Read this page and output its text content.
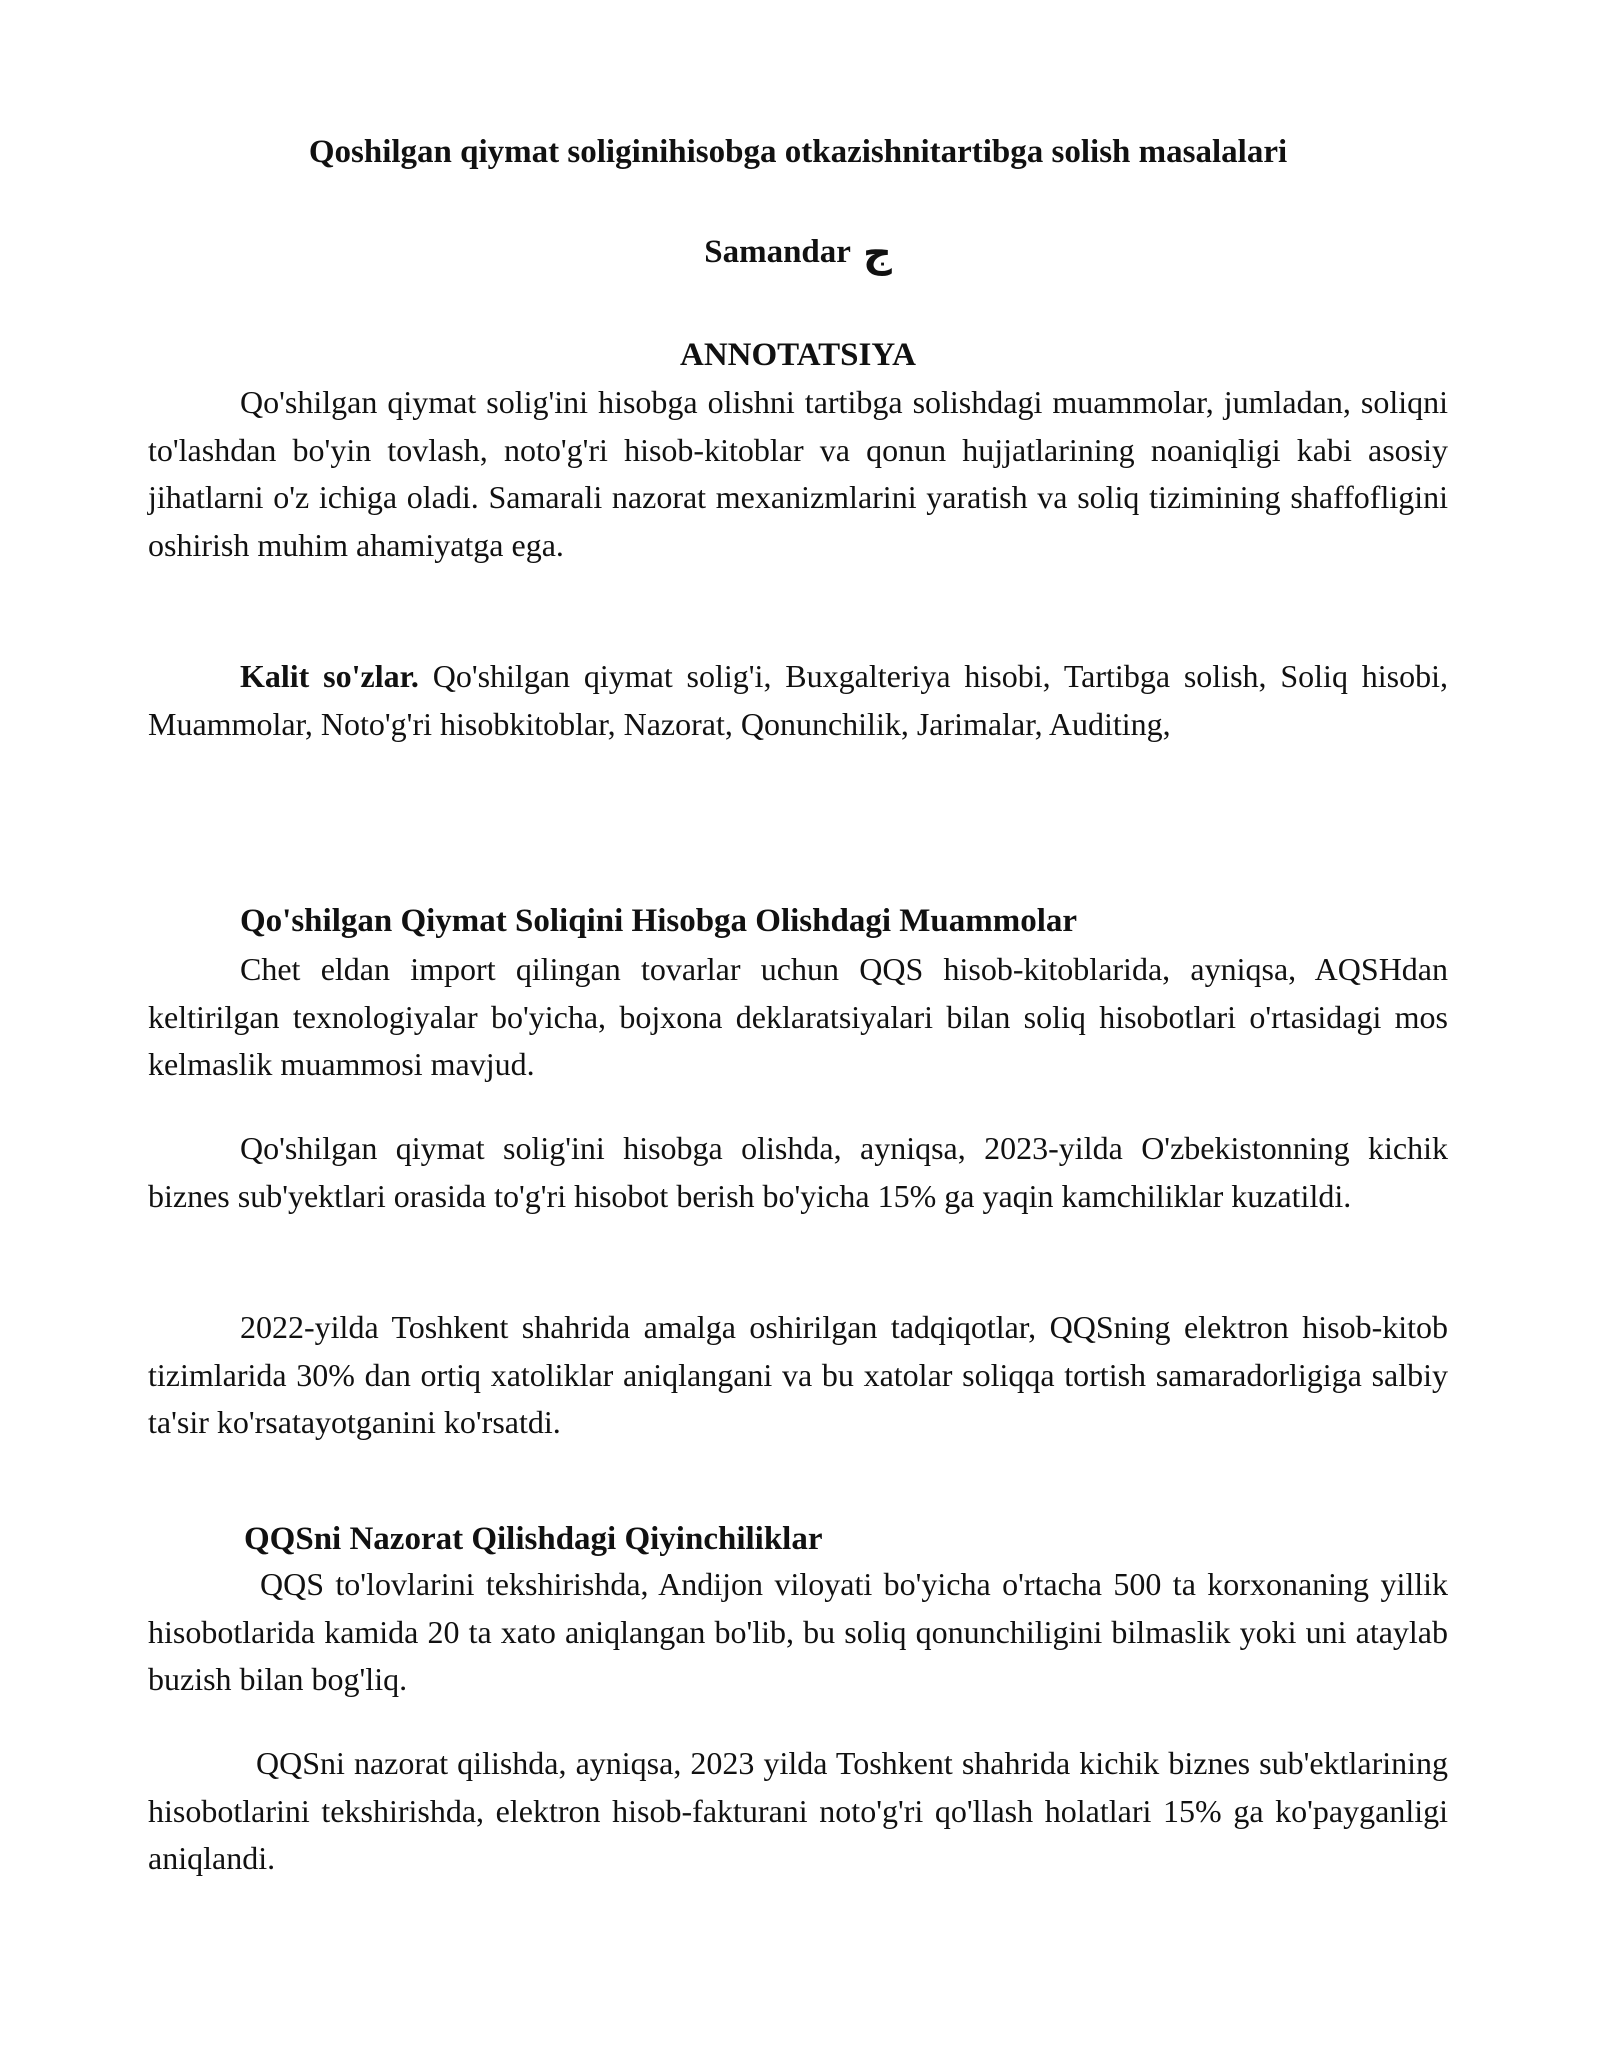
Qoshilgan qiymat soliginihisobga otkazishnitartibga solish masalalari
Samandar ج
ANNOTATSIYA

Qo'shilgan qiymat solig'ini hisobga olishni tartibga solishdagi muammolar, jumladan, soliqni to'lashdan bo'yin tovlash, noto'g'ri hisob-kitoblar va qonun hujjatlarining noaniqligi kabi asosiy jihatlarni o'z ichiga oladi. Samarali nazorat mexanizmlarini yaratish va soliq tizimining shaffofligini oshirish muhim ahamiyatga ega.

Kalit so'zlar. Qo'shilgan qiymat solig'i, Buxgalteriya hisobi, Tartibga solish, Soliq hisobi, Muammolar, Noto'g'ri hisobkitoblar, Nazorat, Qonunchilik, Jarimalar, Auditing,

Qo'shilgan Qiymat Soliqini Hisobga Olishdagi Muammolar

Chet eldan import qilingan tovarlar uchun QQS hisob-kitoblarida, ayniqsa, AQSHdan keltirilgan texnologiyalar bo'yicha, bojxona deklaratsiyalari bilan soliq hisobotlari o'rtasidagi mos kelmaslik muammosi mavjud.

Qo'shilgan qiymat solig'ini hisobga olishda, ayniqsa, 2023-yilda O'zbekistonning kichik biznes sub'yektlari orasida to'g'ri hisobot berish bo'yicha 15% ga yaqin kamchiliklar kuzatildi.

2022-yilda Toshkent shahrida amalga oshirilgan tadqiqotlar, QQSning elektron hisob-kitob tizimlarida 30% dan ortiq xatoliklar aniqlangani va bu xatolar soliqqa tortish samaradorligiga salbiy ta'sir ko'rsatayotganini ko'rsatdi.

QQSni Nazorat Qilishdagi Qiyinchiliklar

QQS to'lovlarini tekshirishda, Andijon viloyati bo'yicha o'rtacha 500 ta korxonaning yillik hisobotlarida kamida 20 ta xato aniqlangan bo'lib, bu soliq qonunchiligini bilmaslik yoki uni ataylab buzish bilan bog'liq.

QQSni nazorat qilishda, ayniqsa, 2023 yilda Toshkent shahrida kichik biznes sub'ektlarining hisobotlarini tekshirishda, elektron hisob-fakturani noto'g'ri qo'llash holatlari 15% ga ko'payganligi aniqlandi.
